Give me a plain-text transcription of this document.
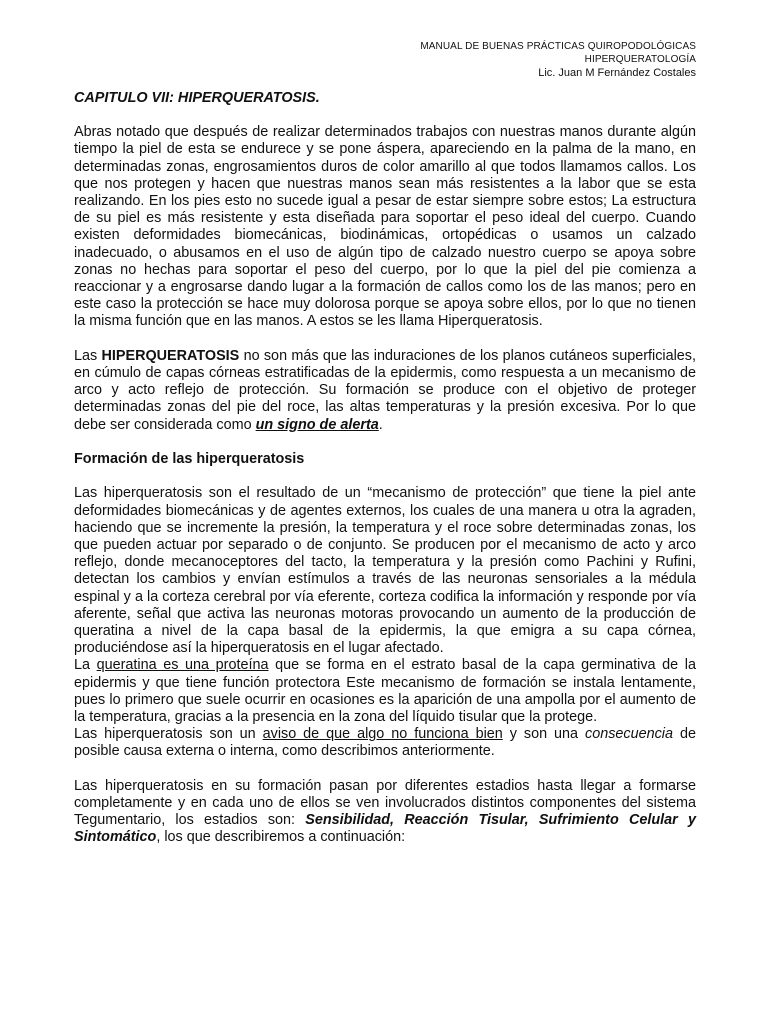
MANUAL DE BUENAS PRÁCTICAS QUIROPODOLÓGICAS
HIPERQUERATOLOGÍA
Lic. Juan M Fernández Costales
CAPITULO VII: HIPERQUERATOSIS.

Abras notado que después de realizar determinados trabajos con nuestras manos durante algún tiempo la piel de esta se endurece y se pone áspera, apareciendo en la palma de la mano, en determinadas zonas, engrosamientos duros de color amarillo al que todos llamamos callos. Los que nos protegen y hacen que nuestras manos sean más resistentes a la labor que se esta realizando. En los pies esto no sucede igual a pesar de estar siempre sobre estos; La estructura de su piel es más resistente y esta diseñada para soportar el peso ideal del cuerpo. Cuando existen deformidades biomecánicas, biodinámicas, ortopédicas o usamos un calzado inadecuado, o abusamos en el uso de algún tipo de calzado nuestro cuerpo se apoya sobre zonas no hechas para soportar el peso del cuerpo, por lo que la piel del pie comienza a reaccionar y a engrosarse dando lugar a la formación de callos como los de las manos; pero en este caso la protección se hace muy dolorosa porque se apoya sobre ellos, por lo que no tienen la misma función que en las manos. A estos se les llama Hiperqueratosis.

Las HIPERQUERATOSIS no son más que las induraciones de los planos cutáneos superficiales, en cúmulo de capas córneas estratificadas de la epidermis, como respuesta a un mecanismo de arco y acto reflejo de protección. Su formación se produce con el objetivo de proteger determinadas zonas del pie del roce, las altas temperaturas y la presión excesiva. Por lo que debe ser considerada como un signo de alerta.

Formación de las hiperqueratosis

Las hiperqueratosis son el resultado de un “mecanismo de protección” que tiene la piel ante deformidades biomecánicas y de agentes externos, los cuales de una manera u otra la agraden, haciendo que se incremente la presión, la temperatura y el roce sobre determinadas zonas, los que pueden actuar por separado o de conjunto. Se producen por el mecanismo de acto y arco reflejo, donde mecanoceptores del tacto, la temperatura y la presión como Pachini y Rufini, detectan los cambios y envían estímulos a través de las neuronas sensoriales a la médula espinal y a la corteza cerebral por vía eferente, corteza codifica la información y responde por vía aferente, señal que activa las neuronas motoras provocando un aumento de la producción de queratina a nivel de la capa basal de la epidermis, la que emigra a su capa córnea, produciéndose así la hiperqueratosis en el lugar afectado.

La queratina es una proteína que se forma en el estrato basal de la capa germinativa de la epidermis y que tiene función protectora Este mecanismo de formación se instala lentamente, pues lo primero que suele ocurrir en ocasiones es la aparición de una ampolla por el aumento de la temperatura, gracias a la presencia en la zona del líquido tisular que la protege.

Las hiperqueratosis son un aviso de que algo no funciona bien y son una consecuencia de posible causa externa o interna, como describimos anteriormente.

Las hiperqueratosis en su formación pasan por diferentes estadios hasta llegar a formarse completamente y en cada uno de ellos se ven involucrados distintos componentes del sistema Tegumentario, los estadios son: Sensibilidad, Reacción Tisular, Sufrimiento Celular y Sintomático, los que describiremos a continuación:
